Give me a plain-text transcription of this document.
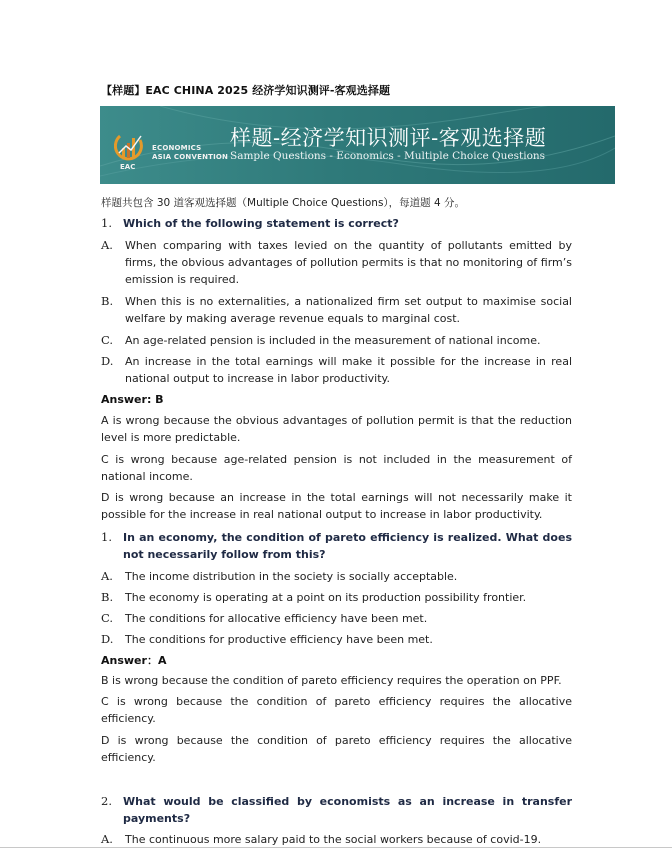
【样题】EAC CHINA 2025 经济学知识测评-客观选择题
ECONOMICS
ASIA CONVENTION
EAC
样题-经济学知识测评-客观选择题
Sample Questions - Economics - Multiple Choice Questions
样题共包含 30 道客观选择题（Multiple Choice Questions），每道题 4 分。
1.	Which of the following statement is correct?
A.	When comparing with taxes levied on the quantity of pollutants emitted by firms, the obvious advantages of pollution permits is that no monitoring of firm’s emission is required.
B.	When this is no externalities, a nationalized firm set output to maximise social welfare by making average revenue equals to marginal cost.
C.	An age-related pension is included in the measurement of national income.
D.	An increase in the total earnings will make it possible for the increase in real national output to increase in labor productivity.
Answer: B
A is wrong because the obvious advantages of pollution permit is that the reduction level is more predictable.
C is wrong because age-related pension is not included in the measurement of national income.
D is wrong because an increase in the total earnings will not necessarily make it possible for the increase in real national output to increase in labor productivity.
1.	In an economy, the condition of pareto efficiency is realized. What does not necessarily follow from this?
A.	The income distribution in the society is socially acceptable.
B.	The economy is operating at a point on its production possibility frontier.
C.	The conditions for allocative efficiency have been met.
D.	The conditions for productive efficiency have been met.
Answer：A
B is wrong because the condition of pareto efficiency requires the operation on PPF.
C is wrong because the condition of pareto efficiency requires the allocative efficiency.
D is wrong because the condition of pareto efficiency requires the allocative efficiency.
2.	What would be classified by economists as an increase in transfer payments?
A.	The continuous more salary paid to the social workers because of covid-19.
